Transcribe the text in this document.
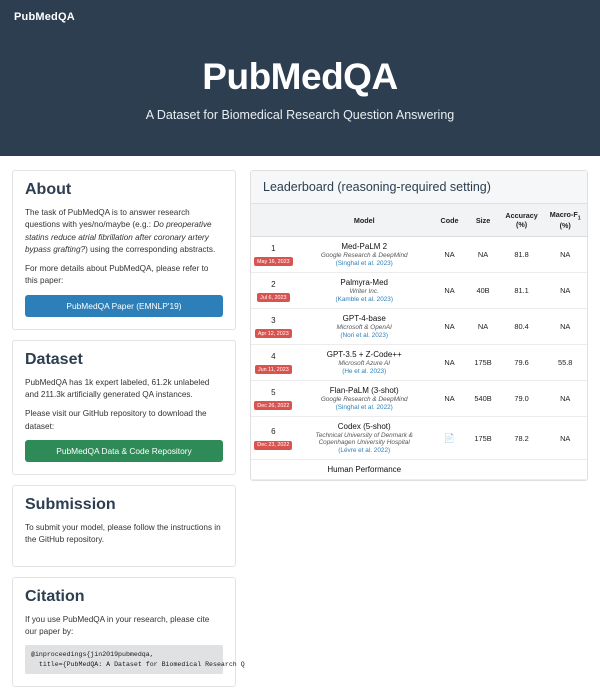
PubMedQA
PubMedQA

A Dataset for Biomedical Research Question Answering

About

The task of PubMedQA is to answer research questions with yes/no/maybe (e.g.: Do preoperative statins reduce atrial fibrillation after coronary artery bypass grafting?) using the corresponding abstracts.

For more details about PubMedQA, please refer to this paper:

PubMedQA Paper (EMNLP'19)
Dataset

PubMedQA has 1k expert labeled, 61.2k unlabeled and 211.3k artificially generated QA instances.

Please visit our GitHub repository to download the dataset:

PubMedQA Data & Code Repository
Submission

To submit your model, please follow the instructions in the GitHub repository.

Citation

If you use PubMedQA in your research, please cite our paper by:

@inproceedings{jin2019pubmedqa,
title={PubMedQA: A Dataset for Biomedical Research Q
Leaderboard (reasoning-required setting)
	Model	Code	Size	Accuracy (%)	Macro-$F_1$ (%)

1
May 16, 2023	
Med-PaLM 2
Google Research & DeepMind
(Singhal et al. 2023)
	NA	NA	81.8	NA

2
Jul 6, 2023	
Palmyra-Med
Writer Inc.
(Kamble et al. 2023)
	NA	40B	81.1	NA

3
Apr 12, 2023	
GPT-4-base
Microsoft & OpenAI
(Nori et al. 2023)
	NA	NA	80.4	NA

4
Jun 11, 2023	
GPT-3.5 + Z-Code++
Microsoft Azure AI
(He et al. 2023)
	NA	175B	79.6	55.8

5
Dec 26, 2022	
Flan-PaLM (3-shot)
Google Research & DeepMind
(Singhal et al. 2022)
	NA	540B	79.0	NA

6
Dec 23, 2022	
Codex (5-shot)
Technical University of Denmark &
Copenhagen University Hospital
(Lévre et al. 2022)
	📄	175B	78.2	NA

	Human Performance				
